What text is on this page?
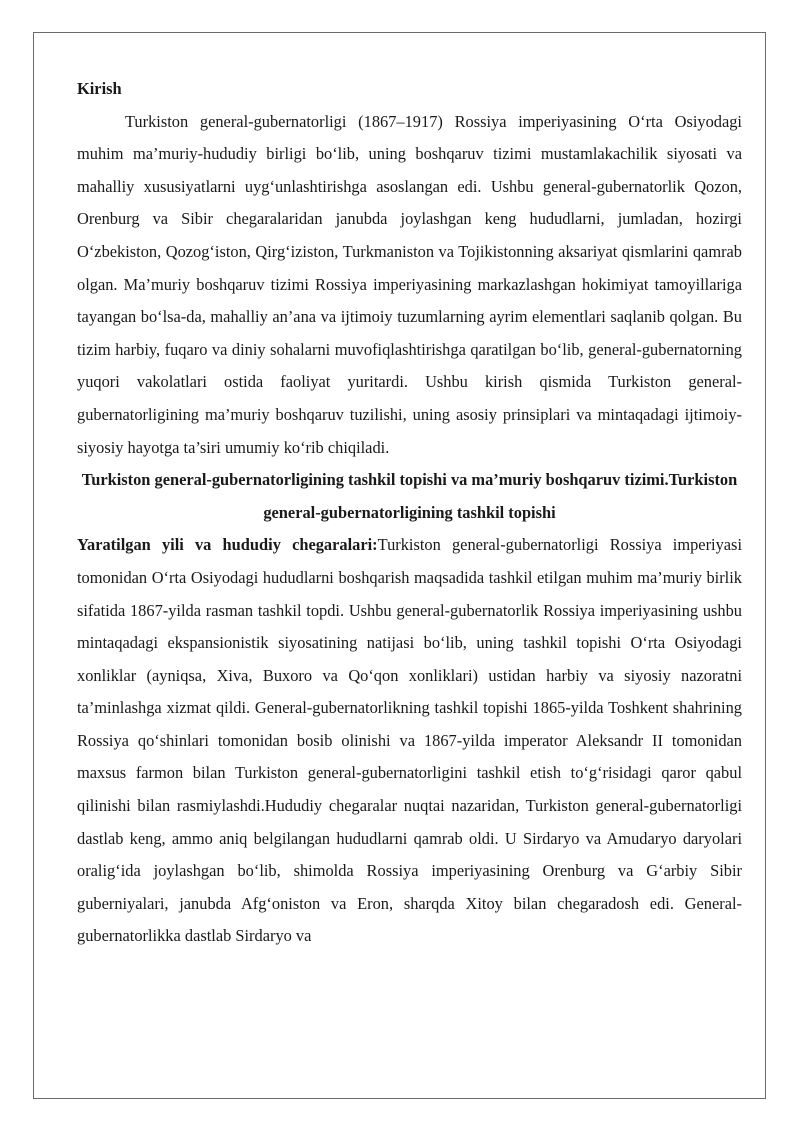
Kirish

Turkiston general-gubernatorligi (1867–1917) Rossiya imperiyasining O‘rta Osiyodagi muhim ma’muriy-hududiy birligi bo‘lib, uning boshqaruv tizimi mustamlakachilik siyosati va mahalliy xususiyatlarni uyg‘unlashtirishga asoslangan edi. Ushbu general-gubernatorlik Qozon, Orenburg va Sibir chegaralaridan janubda joylashgan keng hududlarni, jumladan, hozirgi O‘zbekiston, Qozog‘iston, Qirg‘iziston, Turkmaniston va Tojikistonning aksariyat qismlarini qamrab olgan. Ma’muriy boshqaruv tizimi Rossiya imperiyasining markazlashgan hokimiyat tamoyillariga tayangan bo‘lsa-da, mahalliy an’ana va ijtimoiy tuzumlarning ayrim elementlari saqlanib qolgan. Bu tizim harbiy, fuqaro va diniy sohalarni muvofiqlashtirishga qaratilgan bo‘lib, general-gubernatorning yuqori vakolatlari ostida faoliyat yuritardi. Ushbu kirish qismida Turkiston general-gubernatorligining ma’muriy boshqaruv tuzilishi, uning asosiy prinsiplari va mintaqadagi ijtimoiy-siyosiy hayotga ta’siri umumiy ko‘rib chiqiladi.

Turkiston general-gubernatorligining tashkil topishi va ma’muriy boshqaruv tizimi.Turkiston general-gubernatorligining tashkil topishi

Yaratilgan yili va hududiy chegaralari:Turkiston general-gubernatorligi Rossiya imperiyasi tomonidan O‘rta Osiyodagi hududlarni boshqarish maqsadida tashkil etilgan muhim ma’muriy birlik sifatida 1867-yilda rasman tashkil topdi. Ushbu general-gubernatorlik Rossiya imperiyasining ushbu mintaqadagi ekspansionistik siyosatining natijasi bo‘lib, uning tashkil topishi O‘rta Osiyodagi xonliklar (ayniqsa, Xiva, Buxoro va Qo‘qon xonliklari) ustidan harbiy va siyosiy nazoratni ta’minlashga xizmat qildi. General-gubernatorlikning tashkil topishi 1865-yilda Toshkent shahrining Rossiya qo‘shinlari tomonidan bosib olinishi va 1867-yilda imperator Aleksandr II tomonidan maxsus farmon bilan Turkiston general-gubernatorligini tashkil etish to‘g‘risidagi qaror qabul qilinishi bilan rasmiylashdi.Hududiy chegaralar nuqtai nazaridan, Turkiston general-gubernatorligi dastlab keng, ammo aniq belgilangan hududlarni qamrab oldi. U Sirdaryo va Amudaryo daryolari oralig‘ida joylashgan bo‘lib, shimolda Rossiya imperiyasining Orenburg va G‘arbiy Sibir guberniyalari, janubda Afg‘oniston va Eron, sharqda Xitoy bilan chegaradosh edi. General-gubernatorlikka dastlab Sirdaryo va
